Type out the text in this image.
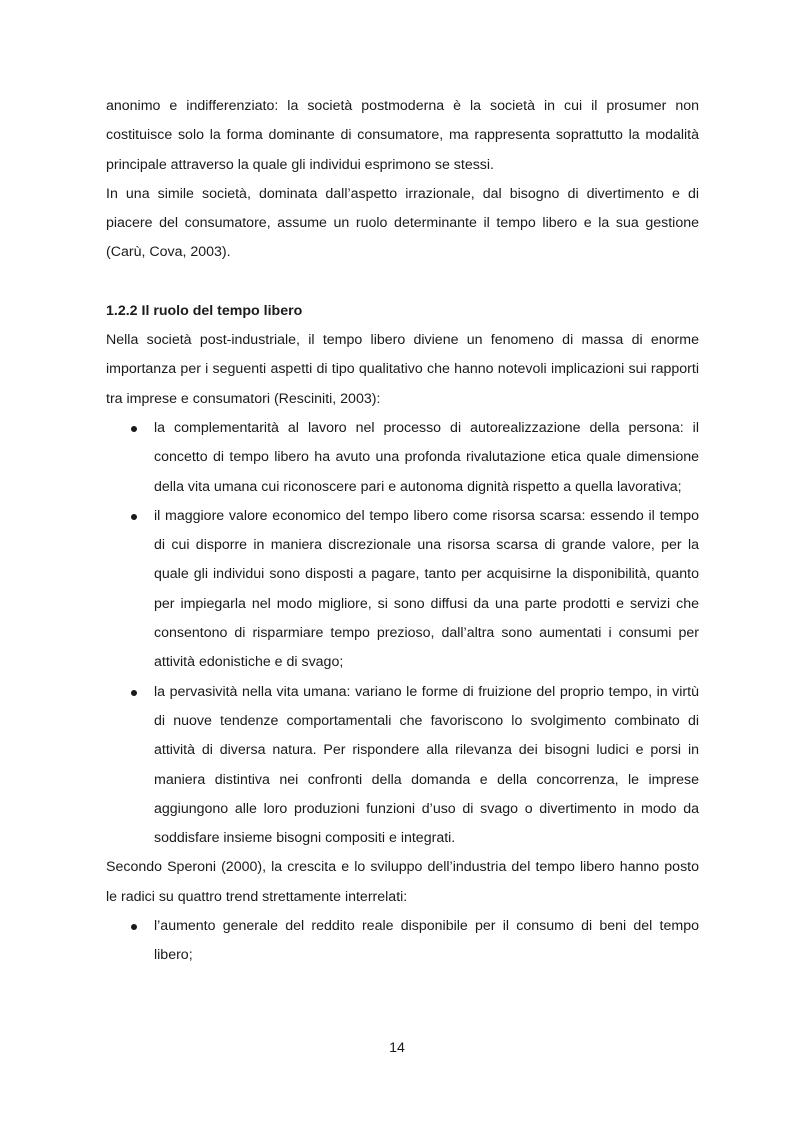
anonimo e indifferenziato: la società postmoderna è la società in cui il prosumer non costituisce solo la forma dominante di consumatore, ma rappresenta soprattutto la modalità principale attraverso la quale gli individui esprimono se stessi.

In una simile società, dominata dall’aspetto irrazionale, dal bisogno di divertimento e di piacere del consumatore, assume un ruolo determinante il tempo libero e la sua gestione (Carù, Cova, 2003).

1.2.2 Il ruolo del tempo libero

Nella società post-industriale, il tempo libero diviene un fenomeno di massa di enorme importanza per i seguenti aspetti di tipo qualitativo che hanno notevoli implicazioni sui rapporti tra imprese e consumatori (Resciniti, 2003):

la complementarità al lavoro nel processo di autorealizzazione della persona: il concetto di tempo libero ha avuto una profonda rivalutazione etica quale dimensione della vita umana cui riconoscere pari e autonoma dignità rispetto a quella lavorativa;
il maggiore valore economico del tempo libero come risorsa scarsa: essendo il tempo di cui disporre in maniera discrezionale una risorsa scarsa di grande valore, per la quale gli individui sono disposti a pagare, tanto per acquisirne la disponibilità, quanto per impiegarla nel modo migliore, si sono diffusi da una parte prodotti e servizi che consentono di risparmiare tempo prezioso, dall’altra sono aumentati i consumi per attività edonistiche e di svago;
la pervasività nella vita umana: variano le forme di fruizione del proprio tempo, in virtù di nuove tendenze comportamentali che favoriscono lo svolgimento combinato di attività di diversa natura. Per rispondere alla rilevanza dei bisogni ludici e porsi in maniera distintiva nei confronti della domanda e della concorrenza, le imprese aggiungono alle loro produzioni funzioni d’uso di svago o divertimento in modo da soddisfare insieme bisogni compositi e integrati.

Secondo Speroni (2000), la crescita e lo sviluppo dell’industria del tempo libero hanno posto le radici su quattro trend strettamente interrelati:

l’aumento generale del reddito reale disponibile per il consumo di beni del tempo libero;
14
